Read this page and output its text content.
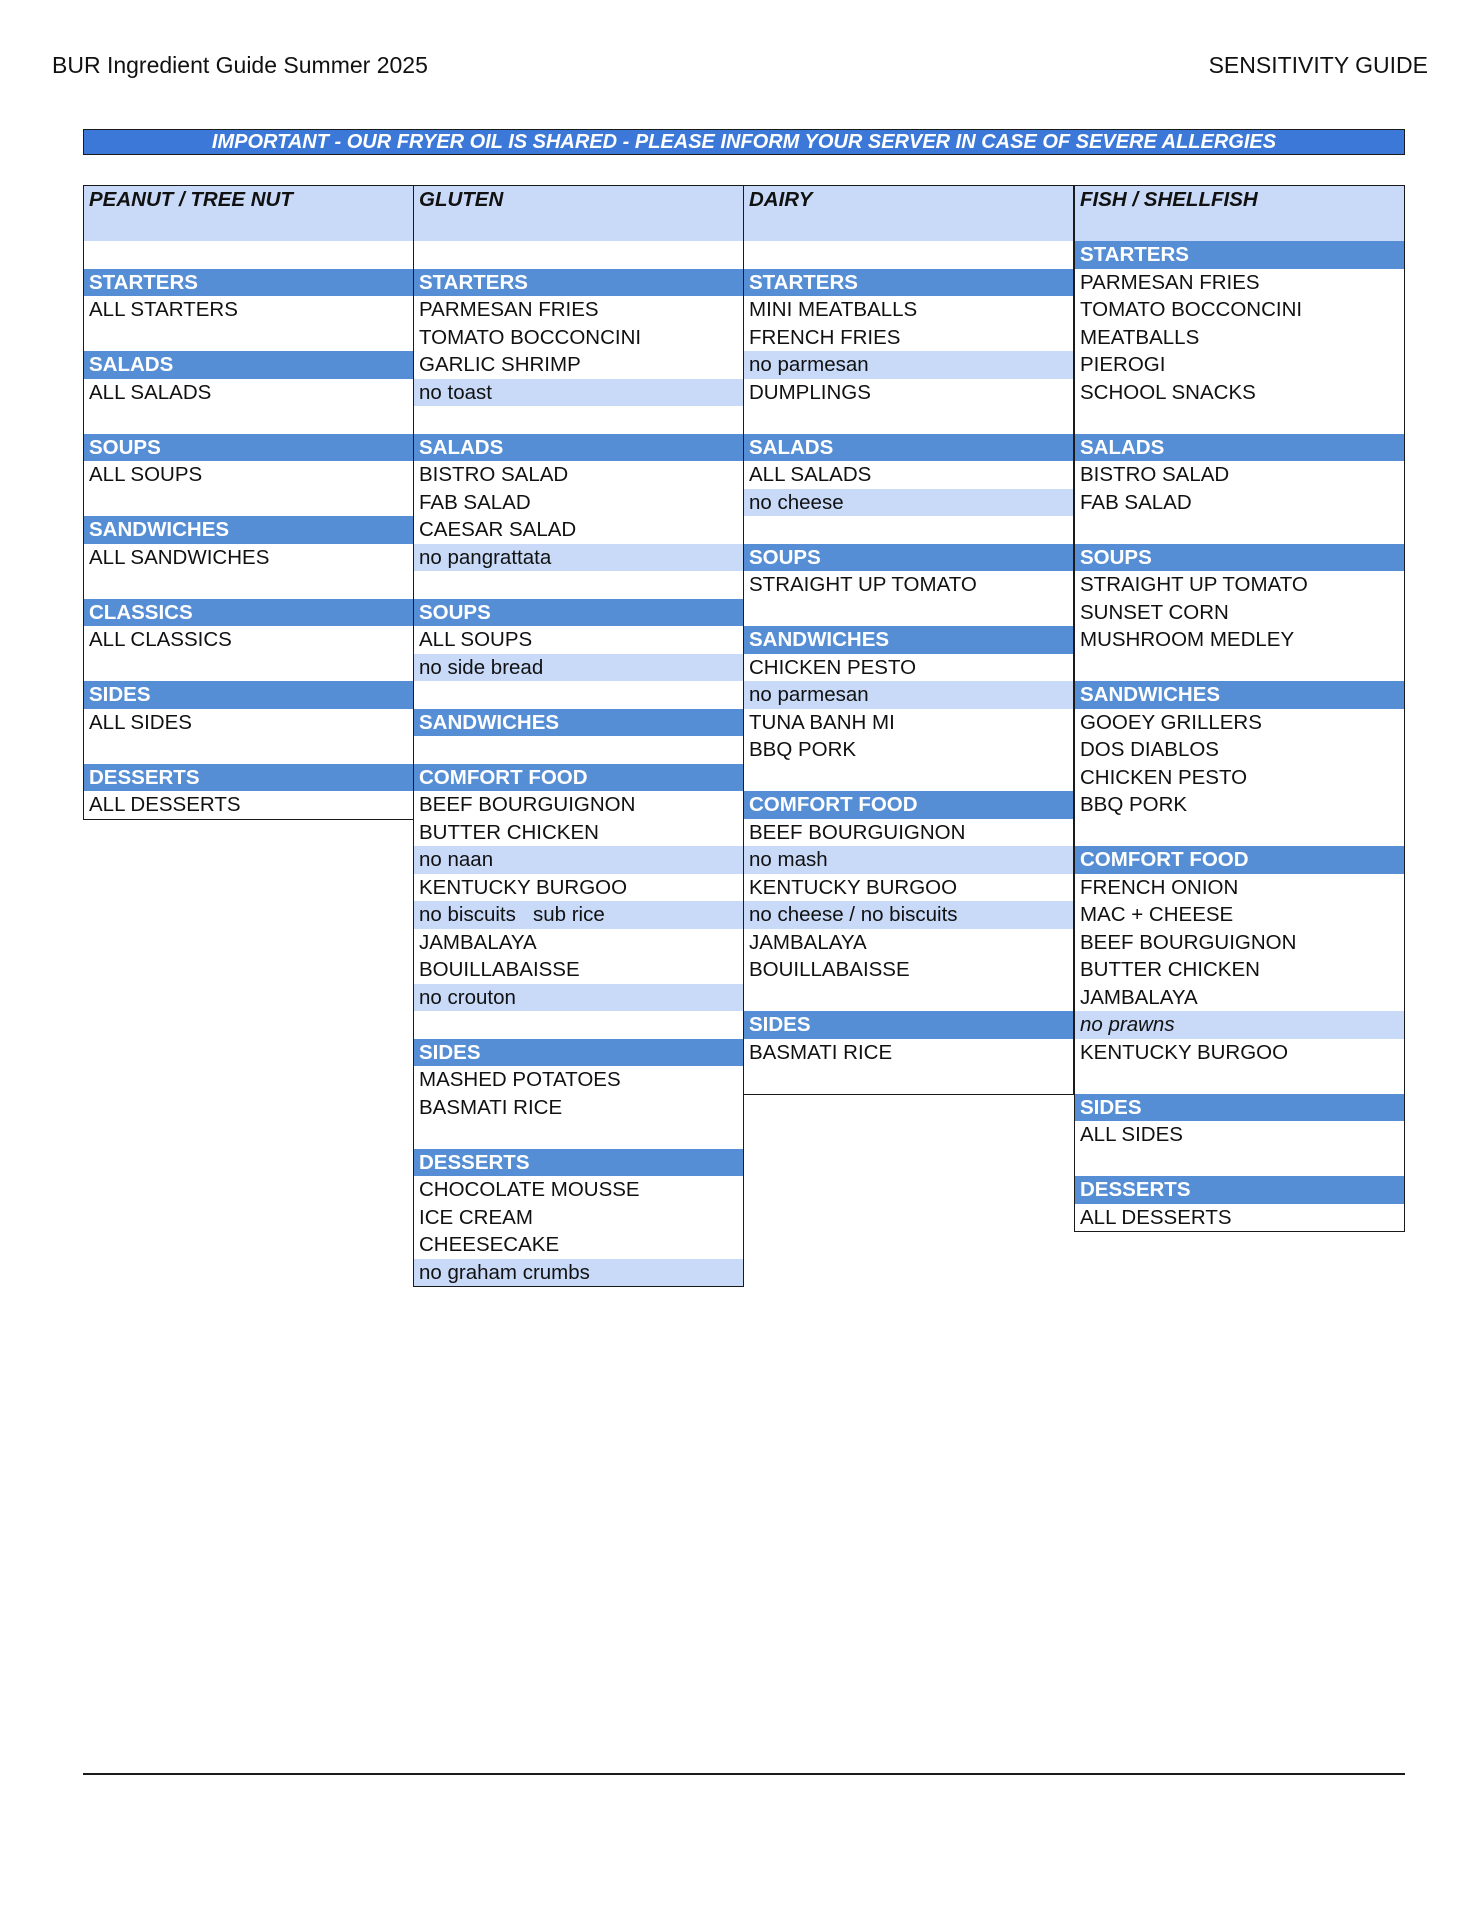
BUR Ingredient Guide Summer 2025	SENSITIVITY GUIDE
IMPORTANT - OUR FRYER OIL IS SHARED - PLEASE INFORM YOUR SERVER IN CASE OF SEVERE ALLERGIES
PEANUT / TREE NUT
STARTERS
ALL STARTERS
SALADS
ALL SALADS
SOUPS
ALL SOUPS
SANDWICHES
ALL SANDWICHES
CLASSICS
ALL CLASSICS
SIDES
ALL SIDES
DESSERTS
ALL DESSERTS
GLUTEN
STARTERS
PARMESAN FRIES
TOMATO BOCCONCINI
GARLIC SHRIMP
no toast
SALADS
BISTRO SALAD
FAB SALAD
CAESAR SALAD
no pangrattata
SOUPS
ALL SOUPS
no side bread
SANDWICHES
COMFORT FOOD
BEEF BOURGUIGNON
BUTTER CHICKEN
no naan
KENTUCKY BURGOO
no biscuits   sub rice
JAMBALAYA
BOUILLABAISSE
no crouton
SIDES
MASHED POTATOES
BASMATI RICE
DESSERTS
CHOCOLATE MOUSSE
ICE CREAM
CHEESECAKE
no graham crumbs
DAIRY
STARTERS
MINI MEATBALLS
FRENCH FRIES
no parmesan
DUMPLINGS
SALADS
ALL SALADS
no cheese
SOUPS
STRAIGHT UP TOMATO
SANDWICHES
CHICKEN PESTO
no parmesan
TUNA BANH MI
BBQ PORK
COMFORT FOOD
BEEF BOURGUIGNON
no mash
KENTUCKY BURGOO
no cheese / no biscuits
JAMBALAYA
BOUILLABAISSE
SIDES
BASMATI RICE
FISH / SHELLFISH
STARTERS
PARMESAN FRIES
TOMATO BOCCONCINI
MEATBALLS
PIEROGI
SCHOOL SNACKS
SALADS
BISTRO SALAD
FAB SALAD
SOUPS
STRAIGHT UP TOMATO
SUNSET CORN
MUSHROOM MEDLEY
SANDWICHES
GOOEY GRILLERS
DOS DIABLOS
CHICKEN PESTO
BBQ PORK
COMFORT FOOD
FRENCH ONION
MAC + CHEESE
BEEF BOURGUIGNON
BUTTER CHICKEN
JAMBALAYA
no prawns
KENTUCKY BURGOO
SIDES
ALL SIDES
DESSERTS
ALL DESSERTS
